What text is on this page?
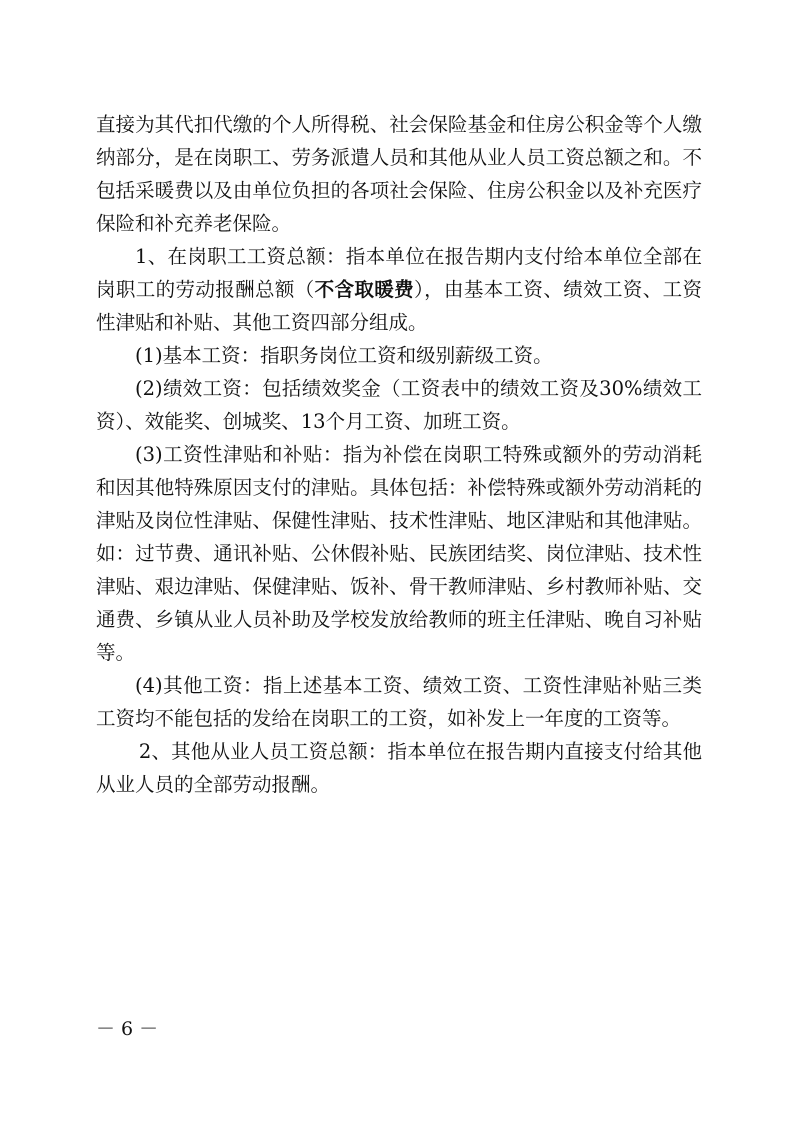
直接为其代扣代缴的个人所得税、社会保险基金和住房公积金等个人缴纳部分，是在岗职工、劳务派遣人员和其他从业人员工资总额之和。不包括采暖费以及由单位负担的各项社会保险、住房公积金以及补充医疗保险和补充养老保险。

1、在岗职工工资总额：指本单位在报告期内支付给本单位全部在岗职工的劳动报酬总额（不含取暖费），由基本工资、绩效工资、工资性津贴和补贴、其他工资四部分组成。

(1)基本工资：指职务岗位工资和级别薪级工资。

(2)绩效工资：包括绩效奖金（工资表中的绩效工资及30%绩效工资）、效能奖、创城奖、13个月工资、加班工资。

(3)工资性津贴和补贴：指为补偿在岗职工特殊或额外的劳动消耗和因其他特殊原因支付的津贴。具体包括：补偿特殊或额外劳动消耗的津贴及岗位性津贴、保健性津贴、技术性津贴、地区津贴和其他津贴。如：过节费、通讯补贴、公休假补贴、民族团结奖、岗位津贴、技术性津贴、艰边津贴、保健津贴、饭补、骨干教师津贴、乡村教师补贴、交通费、乡镇从业人员补助及学校发放给教师的班主任津贴、晚自习补贴等。

(4)其他工资：指上述基本工资、绩效工资、工资性津贴补贴三类工资均不能包括的发给在岗职工的工资，如补发上一年度的工资等。

2、其他从业人员工资总额：指本单位在报告期内直接支付给其他从业人员的全部劳动报酬。

－ 6 －
